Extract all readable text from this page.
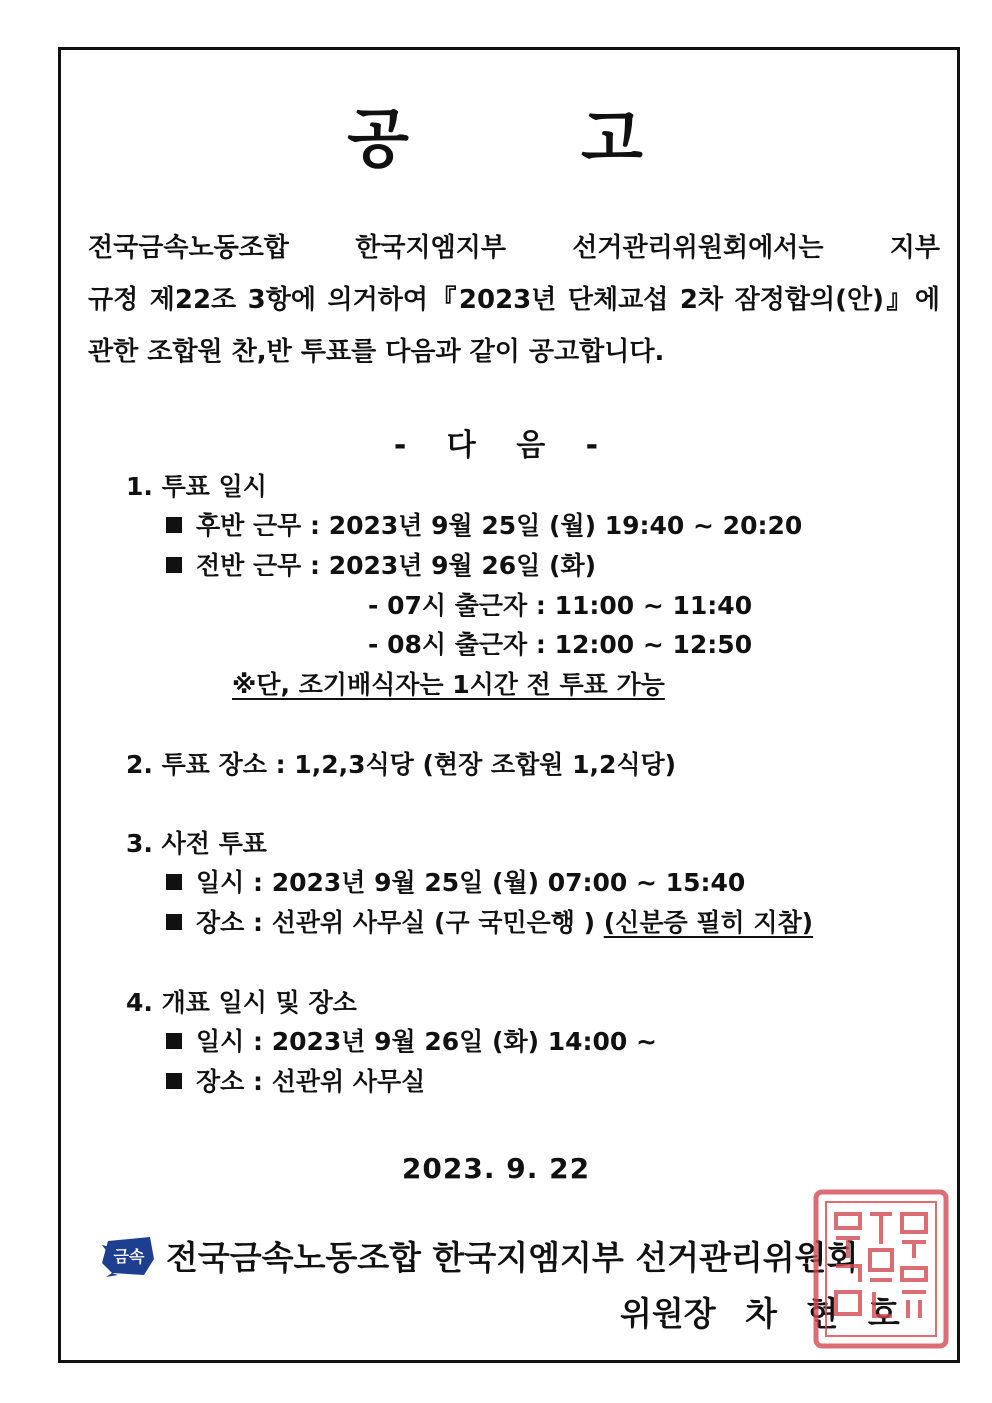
공	고
전국금속노동조합 한국지엠지부 선거관리위원회에서는 지부
규정 제22조 3항에 의거하여『2023년 단체교섭 2차 잠정합의(안)』에
관한 조합원 찬,반 투표를 다음과 같이 공고합니다.
- 다 음 -
1. 투표 일시
후반 근무 : 2023년 9월 25일 (월) 19:40 ~ 20:20
전반 근무 : 2023년 9월 26일 (화)
- 07시 출근자 : 11:00 ~ 11:40
- 08시 출근자 : 12:00 ~ 12:50
※단, 조기배식자는 1시간 전 투표 가능
2. 투표 장소 : 1,2,3식당 (현장 조합원 1,2식당)
3. 사전 투표
일시 : 2023년 9월 25일 (월) 07:00 ~ 15:40
장소 : 선관위 사무실 (구 국민은행 ) (신분증 필히 지참)
4. 개표 일시 및 장소
일시 : 2023년 9월 26일 (화) 14:00 ~
장소 : 선관위 사무실
2023. 9. 22
금속 전국금속노동조합 한국지엠지부 선거관리위원회
위원장 차 현 호
